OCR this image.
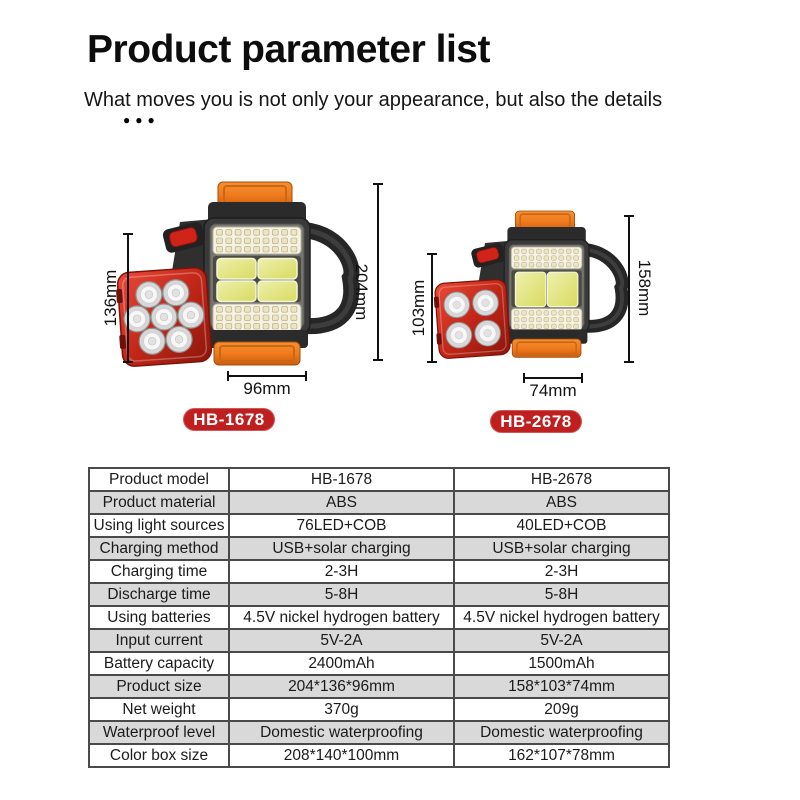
Product parameter list
What moves you is not only your appearance, but also the details
●●●
136mm	204mm
96mm
HB-1678
103mm	158mm
74mm
HB-2678
Product model	HB-1678	HB-2678
Product material	ABS	ABS
Using light sources	76LED+COB	40LED+COB
Charging method	USB+solar charging	USB+solar charging
Charging time	2-3H	2-3H
Discharge time	5-8H	5-8H
Using batteries	4.5V nickel hydrogen battery	4.5V nickel hydrogen battery
Input current	5V-2A	5V-2A
Battery capacity	2400mAh	1500mAh
Product size	204*136*96mm	158*103*74mm
Net weight	370g	209g
Waterproof level	Domestic waterproofing	Domestic waterproofing
Color box size	208*140*100mm	162*107*78mm
